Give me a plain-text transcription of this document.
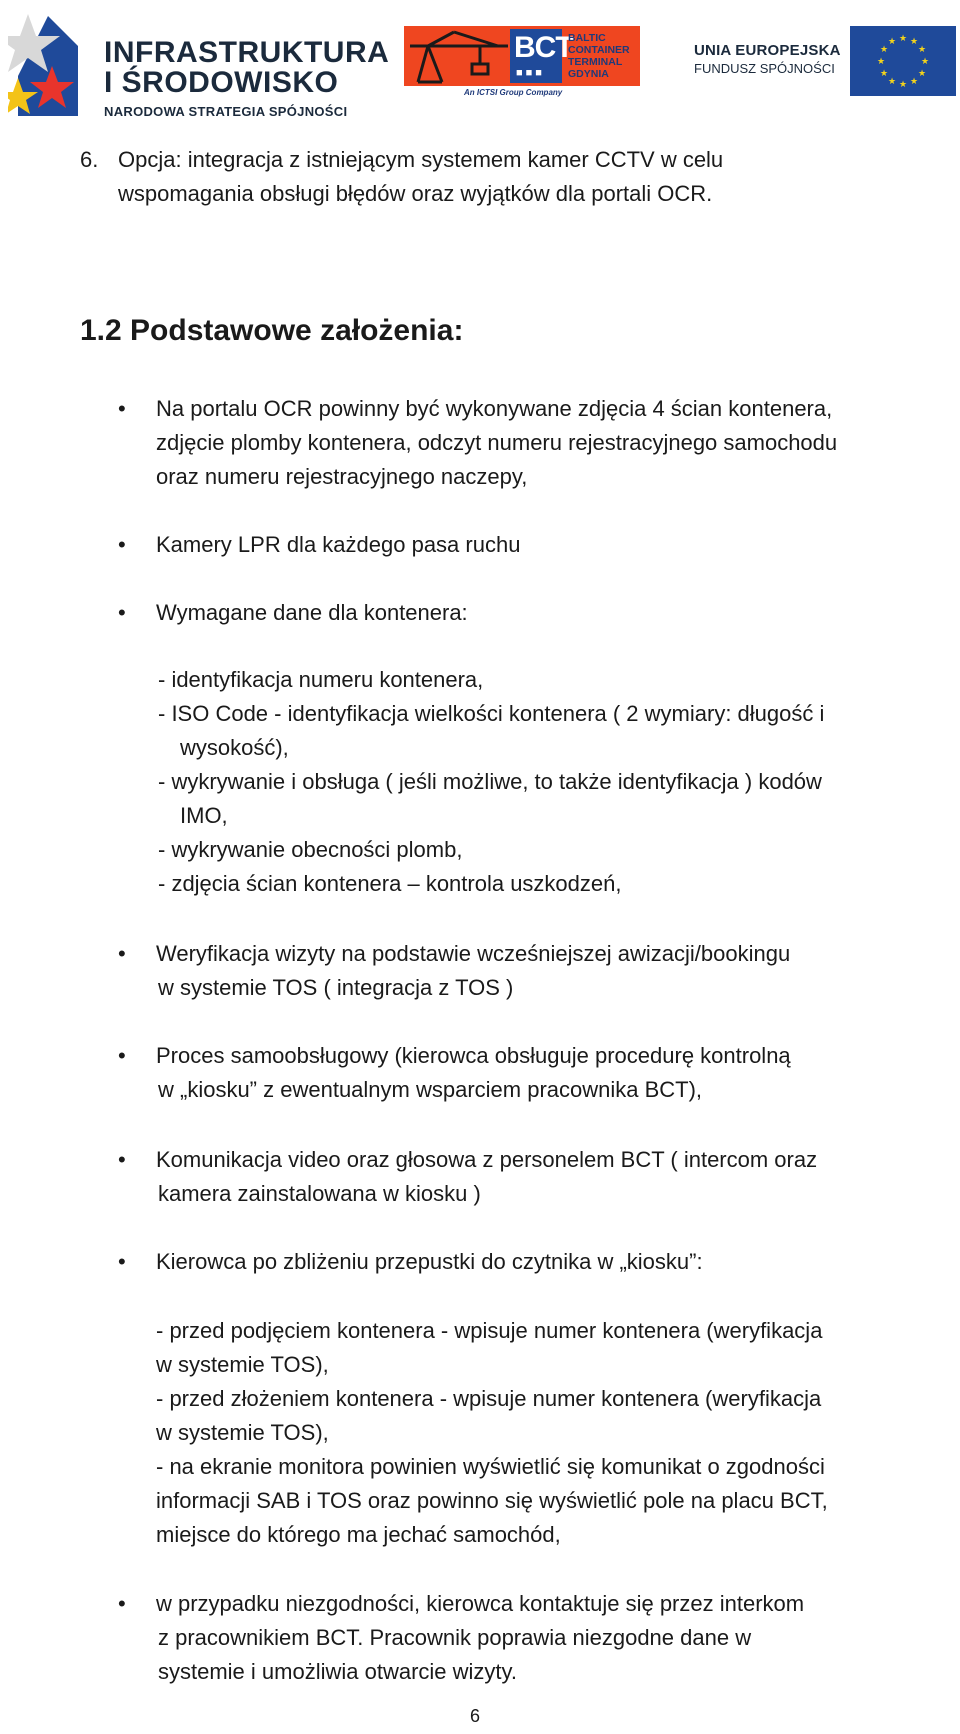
INFRASTRUKTURA
I ŚRODOWISKO
NARODOWA STRATEGIA SPÓJNOŚCI
BCT
■■■
BALTIC
CONTAINER
TERMINAL
GDYNIA
An ICTSI Group Company
UNIA EUROPEJSKA
FUNDUSZ SPÓJNOŚCI
★ ★
★
★
★
★
★
★
★
★
★
★
6. Opcja: integracja z istniejącym systemem kamer CCTV w celu
wspomagania obsługi błędów oraz wyjątków dla portali OCR.
1.2 Podstawowe założenia:
• Na portalu OCR powinny być wykonywane zdjęcia 4 ścian kontenera,
zdjęcie plomby kontenera, odczyt numeru rejestracyjnego samochodu
oraz numeru rejestracyjnego naczepy,
• Kamery LPR dla każdego pasa ruchu
• Wymagane dane dla kontenera:
- identyfikacja numeru kontenera,
- ISO Code - identyfikacja wielkości kontenera ( 2 wymiary: długość i
wysokość),
- wykrywanie i obsługa ( jeśli możliwe, to także identyfikacja ) kodów
IMO,
- wykrywanie obecności plomb,
- zdjęcia ścian kontenera – kontrola uszkodzeń,
• Weryfikacja wizyty na podstawie wcześniejszej awizacji/bookingu
w systemie TOS ( integracja z TOS )
• Proces samoobsługowy (kierowca obsługuje procedurę kontrolną
w „kiosku” z ewentualnym wsparciem pracownika BCT),
• Komunikacja video oraz głosowa z personelem BCT ( intercom oraz
kamera zainstalowana w kiosku )
• Kierowca po zbliżeniu przepustki do czytnika w „kiosku”:
- przed podjęciem kontenera - wpisuje numer kontenera (weryfikacja
w systemie TOS),
- przed złożeniem kontenera - wpisuje numer kontenera (weryfikacja
w systemie TOS),
- na ekranie monitora powinien wyświetlić się komunikat o zgodności
informacji SAB i TOS oraz powinno się wyświetlić pole na placu BCT,
miejsce do którego ma jechać samochód,
• w przypadku niezgodności, kierowca kontaktuje się przez interkom
z pracownikiem BCT. Pracownik poprawia niezgodne dane w
systemie i umożliwia otwarcie wizyty.
6
